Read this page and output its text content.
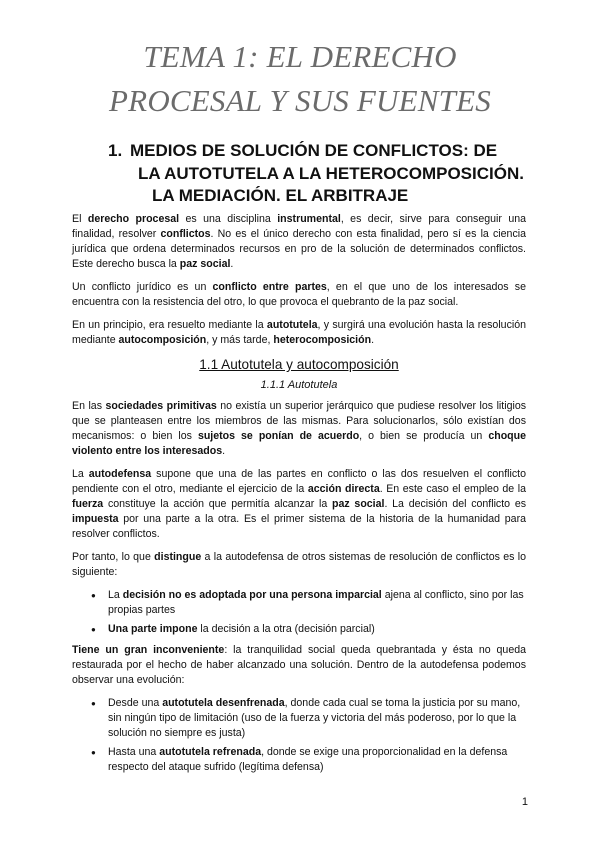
TEMA 1: EL DERECHO
PROCESAL Y SUS FUENTES
1. MEDIOS DE SOLUCIÓN DE CONFLICTOS: DE
LA AUTOTUTELA A LA HETEROCOMPOSICIÓN.
LA MEDIACIÓN. EL ARBITRAJE

El derecho procesal es una disciplina instrumental, es decir, sirve para conseguir una finalidad, resolver conflictos. No es el único derecho con esta finalidad, pero sí es la ciencia jurídica que ordena determinados recursos en pro de la solución de determinados conflictos. Este derecho busca la paz social.

Un conflicto jurídico es un conflicto entre partes, en el que uno de los interesados se encuentra con la resistencia del otro, lo que provoca el quebranto de la paz social.

En un principio, era resuelto mediante la autotutela, y surgirá una evolución hasta la resolución mediante autocomposición, y más tarde, heterocomposición.

1.1 Autotutela y autocomposición
1.1.1 Autotutela

En las sociedades primitivas no existía un superior jerárquico que pudiese resolver los litigios que se planteasen entre los miembros de las mismas. Para solucionarlos, sólo existían dos mecanismos: o bien los sujetos se ponían de acuerdo, o bien se producía un choque violento entre los interesados.

La autodefensa supone que una de las partes en conflicto o las dos resuelven el conflicto pendiente con el otro, mediante el ejercicio de la acción directa. En este caso el empleo de la fuerza constituye la acción que permitía alcanzar la paz social. La decisión del conflicto es impuesta por una parte a la otra. Es el primer sistema de la historia de la humanidad para resolver conflictos.

Por tanto, lo que distingue a la autodefensa de otros sistemas de resolución de conflictos es lo siguiente:

● La decisión no es adoptada por una persona imparcial ajena al conflicto, sino por las propias partes
● Una parte impone la decisión a la otra (decisión parcial)

Tiene un gran inconveniente: la tranquilidad social queda quebrantada y ésta no queda restaurada por el hecho de haber alcanzado una solución. Dentro de la autodefensa podemos observar una evolución:

● Desde una autotutela desenfrenada, donde cada cual se toma la justicia por su mano, sin ningún tipo de limitación (uso de la fuerza y victoria del más poderoso, por lo que la solución no siempre es justa)
● Hasta una autotutela refrenada, donde se exige una proporcionalidad en la defensa respecto del ataque sufrido (legítima defensa)
1
